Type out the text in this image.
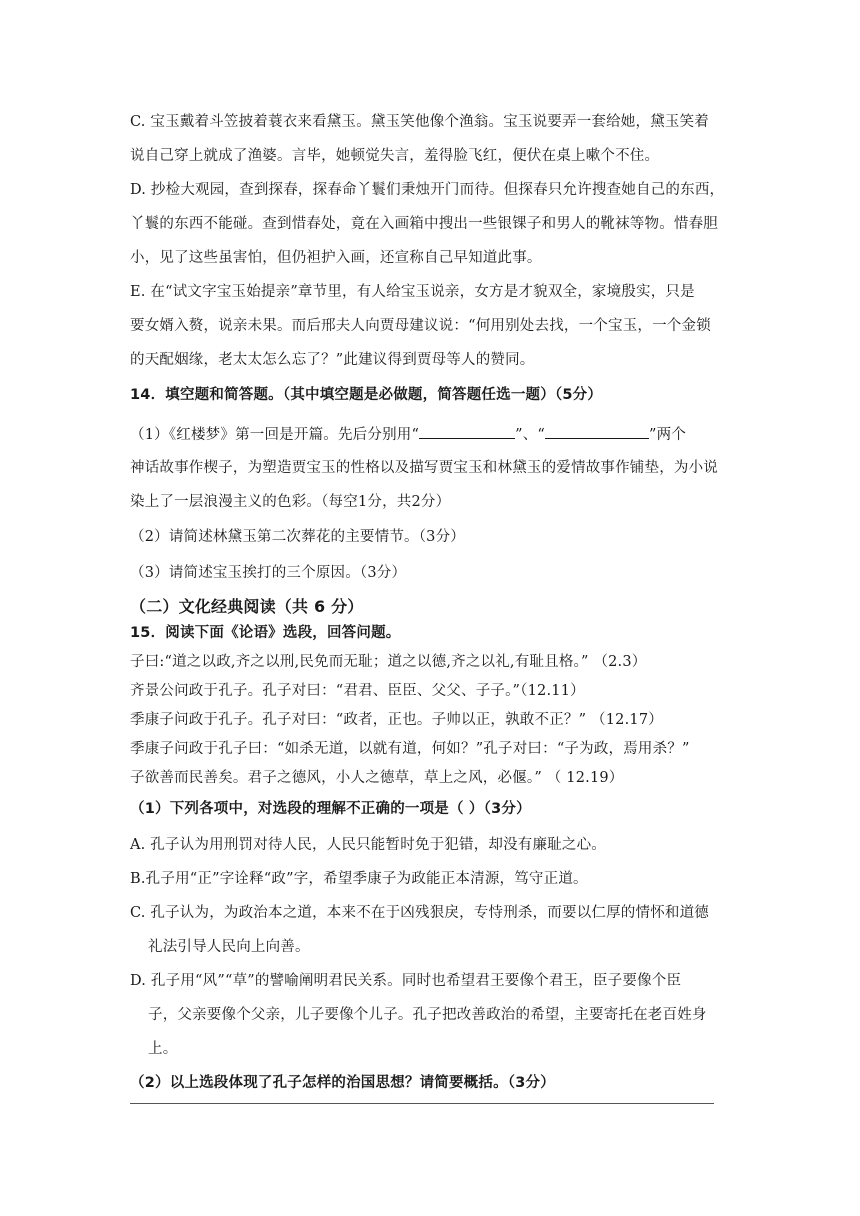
C. 宝玉戴着斗笠披着蓑衣来看黛玉。黛玉笑他像个渔翁。宝玉说要弄一套给她，黛玉笑着
说自己穿上就成了渔婆。言毕，她顿觉失言，羞得脸飞红，便伏在桌上嗽个不住。
D. 抄检大观园，查到探春，探春命丫鬟们秉烛开门而待。但探春只允许搜查她自己的东西，
丫鬟的东西不能碰。查到惜春处，竟在入画箱中搜出一些银锞子和男人的靴袜等物。惜春胆
小，见了这些虽害怕，但仍袒护入画，还宣称自己早知道此事。
E. 在“试文字宝玉始提亲”章节里，有人给宝玉说亲，女方是才貌双全，家境殷实，只是
要女婿入赘，说亲未果。而后邢夫人向贾母建议说：“何用别处去找，一个宝玉，一个金锁
的天配姻缘，老太太怎么忘了？”此建议得到贾母等人的赞同。
14．填空题和简答题。（其中填空题是必做题，简答题任选一题）（5分）
（1）《红楼梦》第一回是开篇。先后分别用“	”、“	”两个
神话故事作楔子，为塑造贾宝玉的性格以及描写贾宝玉和林黛玉的爱情故事作铺垫，为小说
染上了一层浪漫主义的色彩。（每空1分，共2分）
（2）请简述林黛玉第二次葬花的主要情节。（3分）
（3）请简述宝玉挨打的三个原因。（3分）
（二）文化经典阅读（共 6 分）
15．阅读下面《论语》选段，回答问题。
子曰:“道之以政,齐之以刑,民免而无耻；道之以德,齐之以礼,有耻且格。” （2.3）
齐景公问政于孔子。孔子对曰：“君君、臣臣、父父、子子。”（12.11）
季康子问政于孔子。孔子对曰：“政者，正也。子帅以正，孰敢不正？” （12.17）
季康子问政于孔子曰：“如杀无道，以就有道，何如？”孔子对曰：“子为政，焉用杀？”
子欲善而民善矣。君子之德风，小人之德草，草上之风，必偃。” （ 12.19）
（1）下列各项中，对选段的理解不正确的一项是（ ）（3分）
A. 孔子认为用刑罚对待人民，人民只能暂时免于犯错，却没有廉耻之心。
B.孔子用“正”字诠释“政”字，希望季康子为政能正本清源，笃守正道。
C. 孔子认为，为政治本之道，本来不在于凶残狠戾，专恃刑杀，而要以仁厚的情怀和道德
礼法引导人民向上向善。
D. 孔子用“风”“草”的譬喻阐明君民关系。同时也希望君王要像个君王，臣子要像个臣
子，父亲要像个父亲，儿子要像个儿子。孔子把改善政治的希望，主要寄托在老百姓身
上。
（2）以上选段体现了孔子怎样的治国思想？请简要概括。（3分）
